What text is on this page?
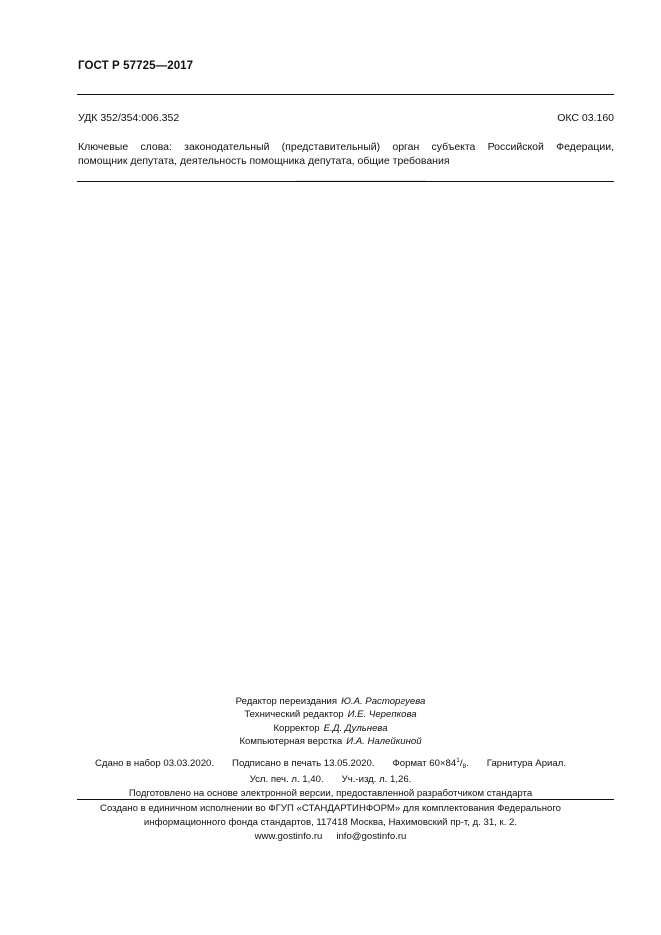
ГОСТ Р 57725—2017
УДК 352/354:006.352	ОКС 03.160
Ключевые слова: законодательный (представительный) орган субъекта Российской Федерации,
помощник депутата, деятельность помощника депутата, общие требования
Редактор переиздания Ю.А. Расторгуева
Технический редактор И.Е. Черепкова
Корректор Е.Д. Дульнева
Компьютерная верстка И.А. Налейкиной
Сдано в набор 03.03.2020. Подписано в печать 13.05.2020. Формат $60\times 84^1/_8$. Гарнитура Ариал.
Усл. печ. л. 1,40. Уч.-изд. л. 1,26.
Подготовлено на основе электронной версии, предоставленной разработчиком стандарта
Создано в единичном исполнении во ФГУП «СТАНДАРТИНФОРМ» для комплектования Федерального
информационного фонда стандартов, 117418 Москва, Нахимовский пр-т, д. 31, к. 2.
www.gostinfo.ru info@gostinfo.ru
